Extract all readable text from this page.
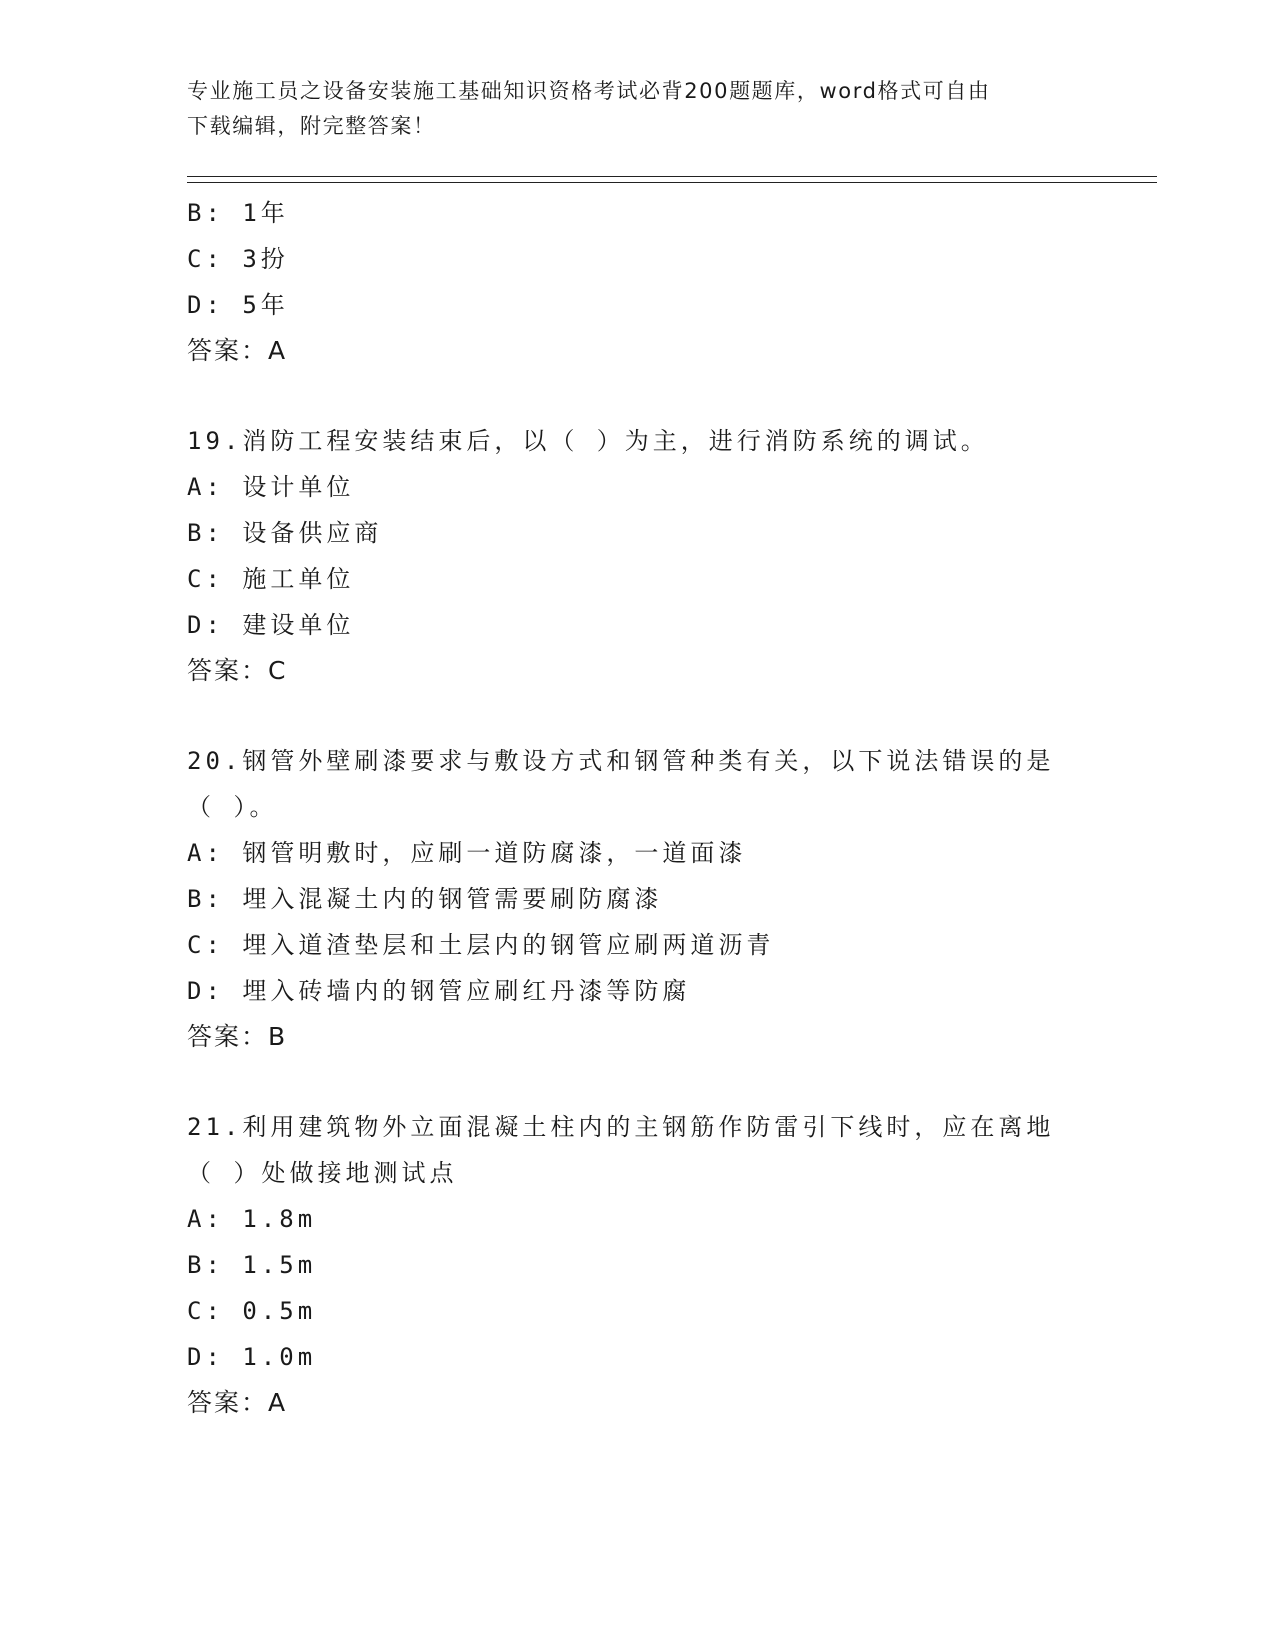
专业施工员之设备安装施工基础知识资格考试必背200题题库，word格式可自由
下载编辑，附完整答案！
B: 1年
C: 3扮
D: 5年
答案：A
19.消防工程安装结束后，以（ ）为主，进行消防系统的调试。
A: 设计单位
B: 设备供应商
C: 施工单位
D: 建设单位
答案：C
20.钢管外壁刷漆要求与敷设方式和钢管种类有关，以下说法错误的是
（ ）。
A: 钢管明敷时，应刷一道防腐漆，一道面漆
B: 埋入混凝土内的钢管需要刷防腐漆
C: 埋入道渣垫层和土层内的钢管应刷两道沥青
D: 埋入砖墙内的钢管应刷红丹漆等防腐
答案：B
21.利用建筑物外立面混凝土柱内的主钢筋作防雷引下线时，应在离地
（ ）处做接地测试点
A: 1.8m
B: 1.5m
C: 0.5m
D: 1.0m
答案：A
